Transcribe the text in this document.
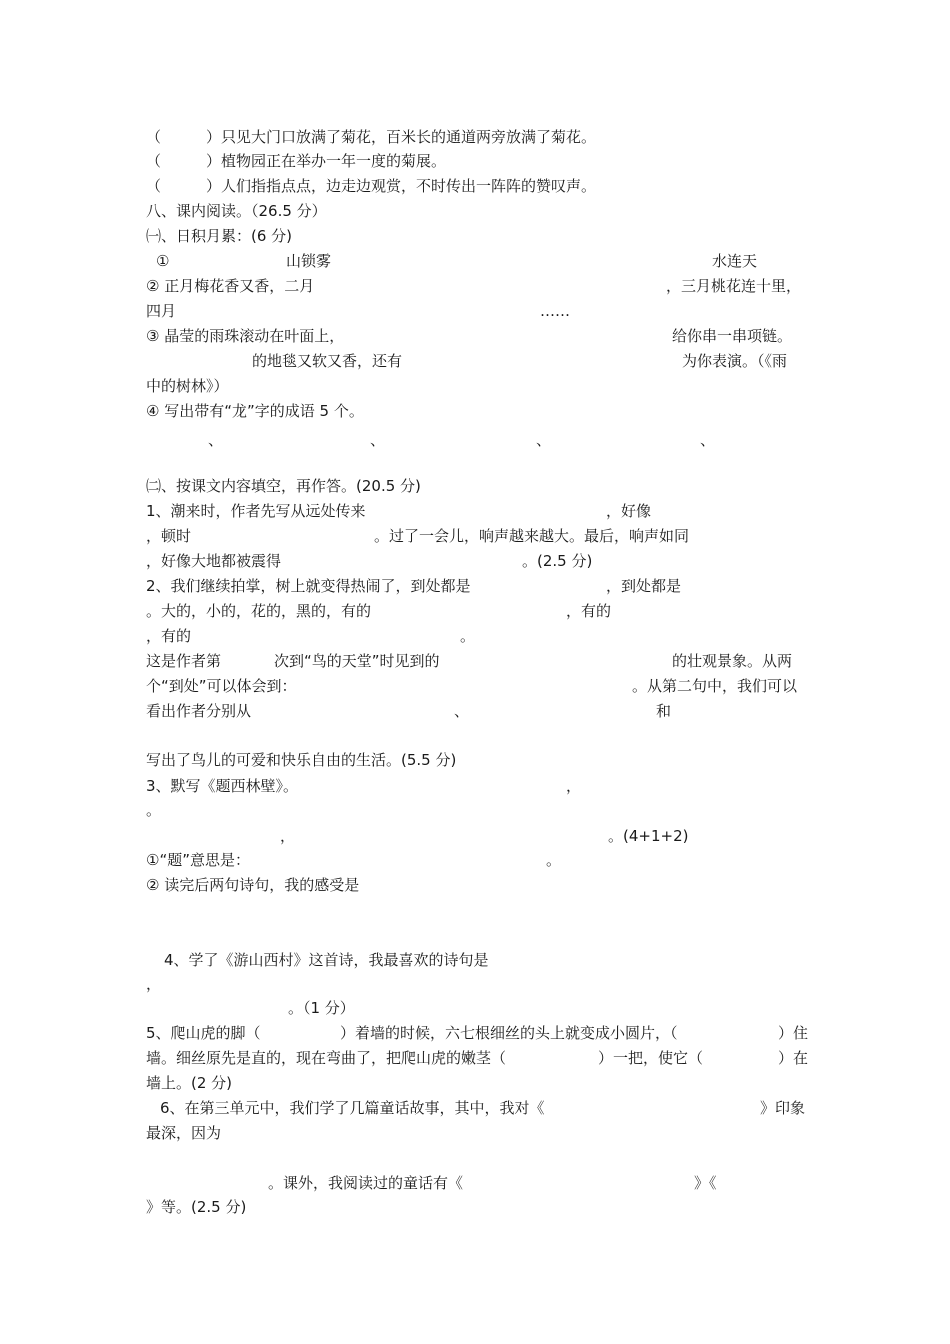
（　　　）只见大门口放满了菊花，百米长的通道两旁放满了菊花。

（　　　）植物园正在举办一年一度的菊展。

（　　　）人们指指点点，边走边观赏，不时传出一阵阵的赞叹声。

八、课内阅读。（26.5 分）

㈠、日积月累：(6 分)

①	山锁雾	水连天

② 正月梅花香又香，二月	，三月桃花连十里，

四月	……

③ 晶莹的雨珠滚动在叶面上，	给你串一串项链。

的地毯又软又香，还有	为你表演。（《雨

中的树林》）

④ 写出带有“龙”字的成语 5 个。

、	、	、	、

㈡、按课文内容填空，再作答。(20.5 分)

1、潮来时，作者先写从远处传来	，好像

，顿时	。过了一会儿，响声越来越大。最后，响声如同

，好像大地都被震得	。(2.5 分)

2、我们继续拍掌，树上就变得热闹了，到处都是	，到处都是

。大的，小的，花的，黑的，有的	，有的

，有的	。

这是作者第	次到“鸟的天堂”时见到的	的壮观景象。从两

个“到处”可以体会到：	。从第二句中，我们可以

看出作者分别从	、	和

写出了鸟儿的可爱和快乐自由的生活。(5.5 分)

3、默写《题西林壁》。	，

。

，	。(4+1+2)

①“题”意思是：	。

② 读完后两句诗句，我的感受是

4、学了《游山西村》这首诗，我最喜欢的诗句是

，

。（1 分）

5、爬山虎的脚（	）着墙的时候，六七根细丝的头上就变成小圆片，（	）住

墙。细丝原先是直的，现在弯曲了，把爬山虎的嫩茎（	）一把，使它（	）在

墙上。(2 分)

6、在第三单元中，我们学了几篇童话故事，其中，我对《	》印象

最深，因为

。课外，我阅读过的童话有《	》《

》等。(2.5 分)
